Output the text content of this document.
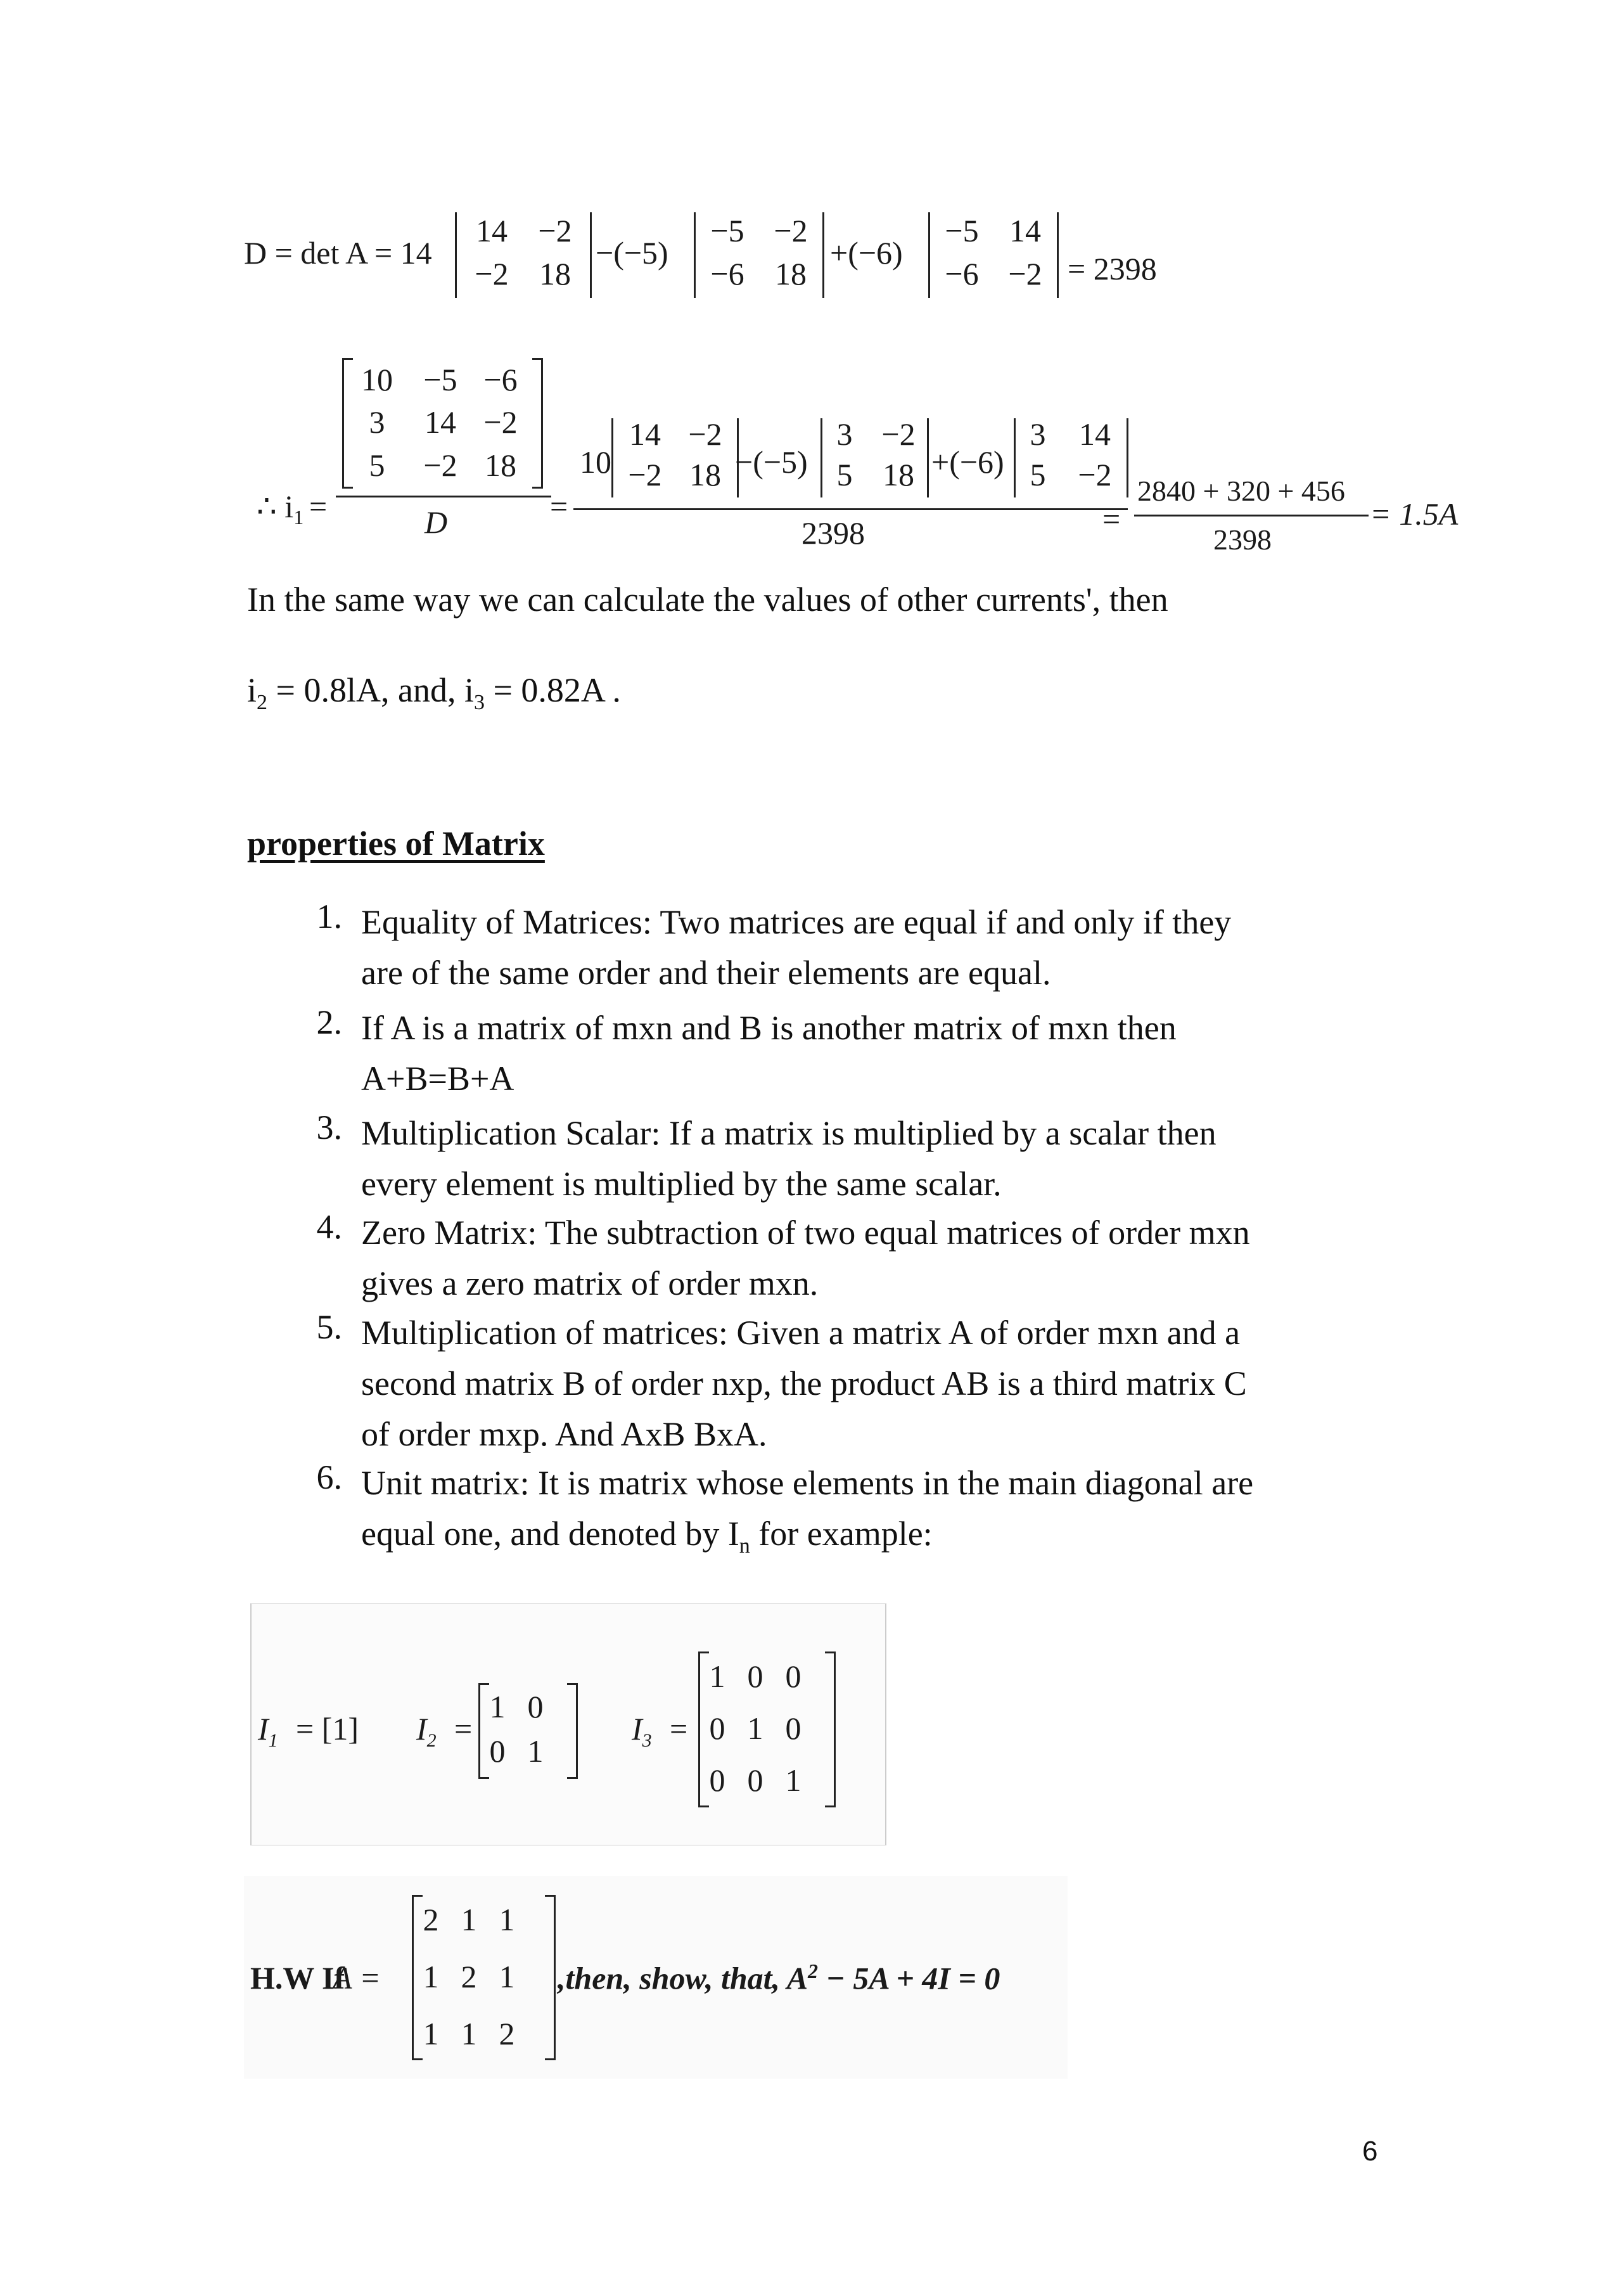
D = det A = 14
14 −2
−2 18
−(−5)
−5 −2
−6 18
+(−6)
−5 14
−6 −2 = 2398
∴ $i_1$ =
10 −5 −6
3	14 −2
5	−2 18
D	=
10
14 −2
−2 18 −(−5)
3 −2
5 18 +(−6)
3	14
5	−2
2398	=
2840 + 320 + 456
2398
= 1.5A
In the same way we can calculate the values of other currents', then
$i_2 = 0.8lA$, and, $i_3 = 0.82A$ .
properties of Matrix
1. Equality of Matrices: Two matrices are equal if and only if they
are of the same order and their elements are equal.
2. If A is a matrix of mxn and B is another matrix of mxn then
A+B=B+A
3. Multiplication Scalar: If a matrix is multiplied by a scalar then
every element is multiplied by the same scalar.
4. Zero Matrix: The subtraction of two equal matrices of order mxn
gives a zero matrix of order mxn.
5. Multiplication of matrices: Given a matrix A of order mxn and a
second matrix B of order nxp, the product AB is a third matrix C
of order mxp. And AxB BxA.
6. Unit matrix: It is matrix whose elements in the main diagonal are
equal one, and denoted by $I_n$ for example:
$I_1 = [1] I_2$ =
1 0
0 1
$I_3$ =
1 0 0
0 1 0
0 0 1
H.W If
A =
2 1 1
1 2 1
1 1 2
,then, show, that, $A^2 - 5A + 4I = 0$
6
